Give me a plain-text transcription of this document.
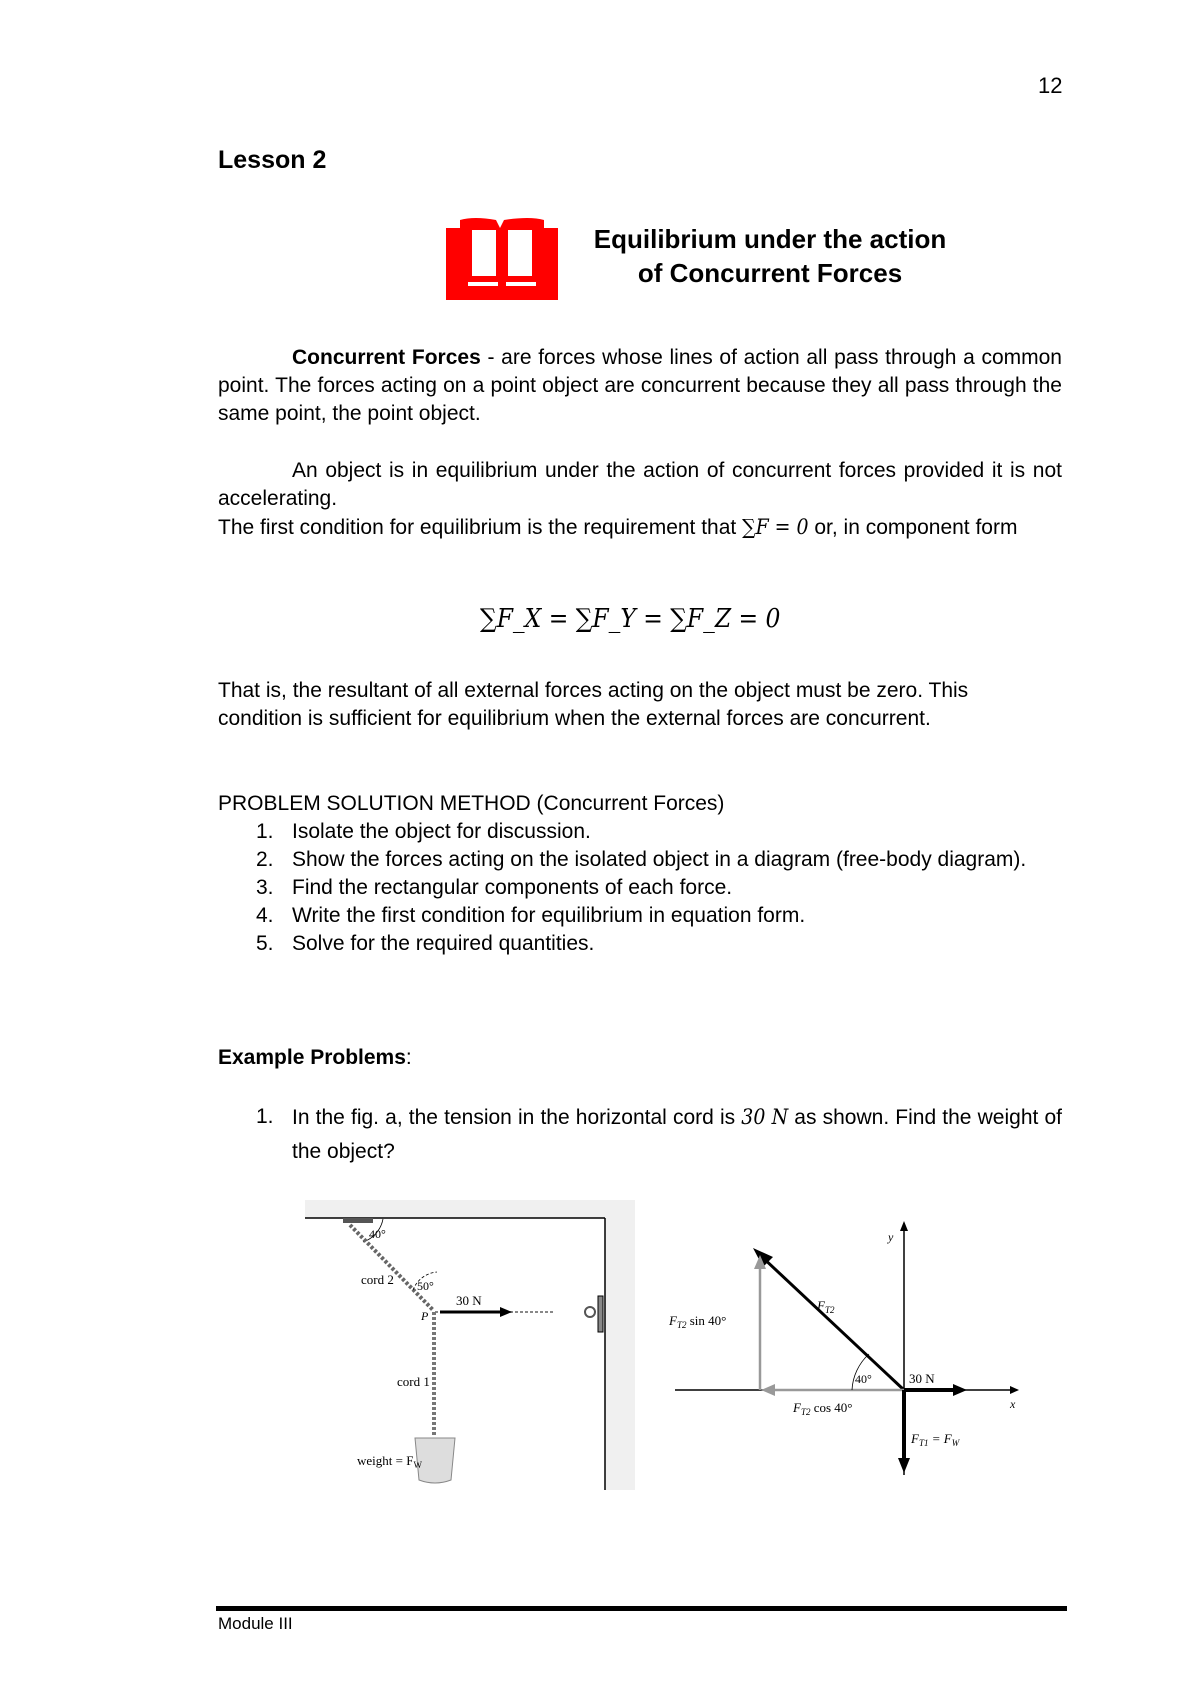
12
Lesson 2
Equilibrium under the action
of Concurrent Forces
Concurrent Forces - are forces whose lines of action all pass through a common point. The forces acting on a point object are concurrent because they all pass through the same point, the point object.
An object is in equilibrium under the action of concurrent forces provided it is not accelerating.
The first condition for equilibrium is the requirement that ∑F = 0 or, in component form
∑F_X = ∑F_Y = ∑F_Z = 0
That is, the resultant of all external forces acting on the object must be zero. This condition is sufficient for equilibrium when the external forces are concurrent.
PROBLEM SOLUTION METHOD (Concurrent Forces)
1. Isolate the object for discussion.
2. Show the forces acting on the isolated object in a diagram (free-body diagram).
3. Find the rectangular components of each force.
4. Write the first condition for equilibrium in equation form.
5. Solve for the required quantities.
Example Problems:
1. In the fig. a, the tension in the horizontal cord is 30 N as shown. Find the weight of the object?
40°
cord 2 50°
30 N
P
cord 1
weight = $F_W$
y
x
$F_{T2}$
$F_{T2}$ sin 40°
$F_{T2}$ cos 40°
40°	30 N
$F_{T1} = F_W$
Module III
